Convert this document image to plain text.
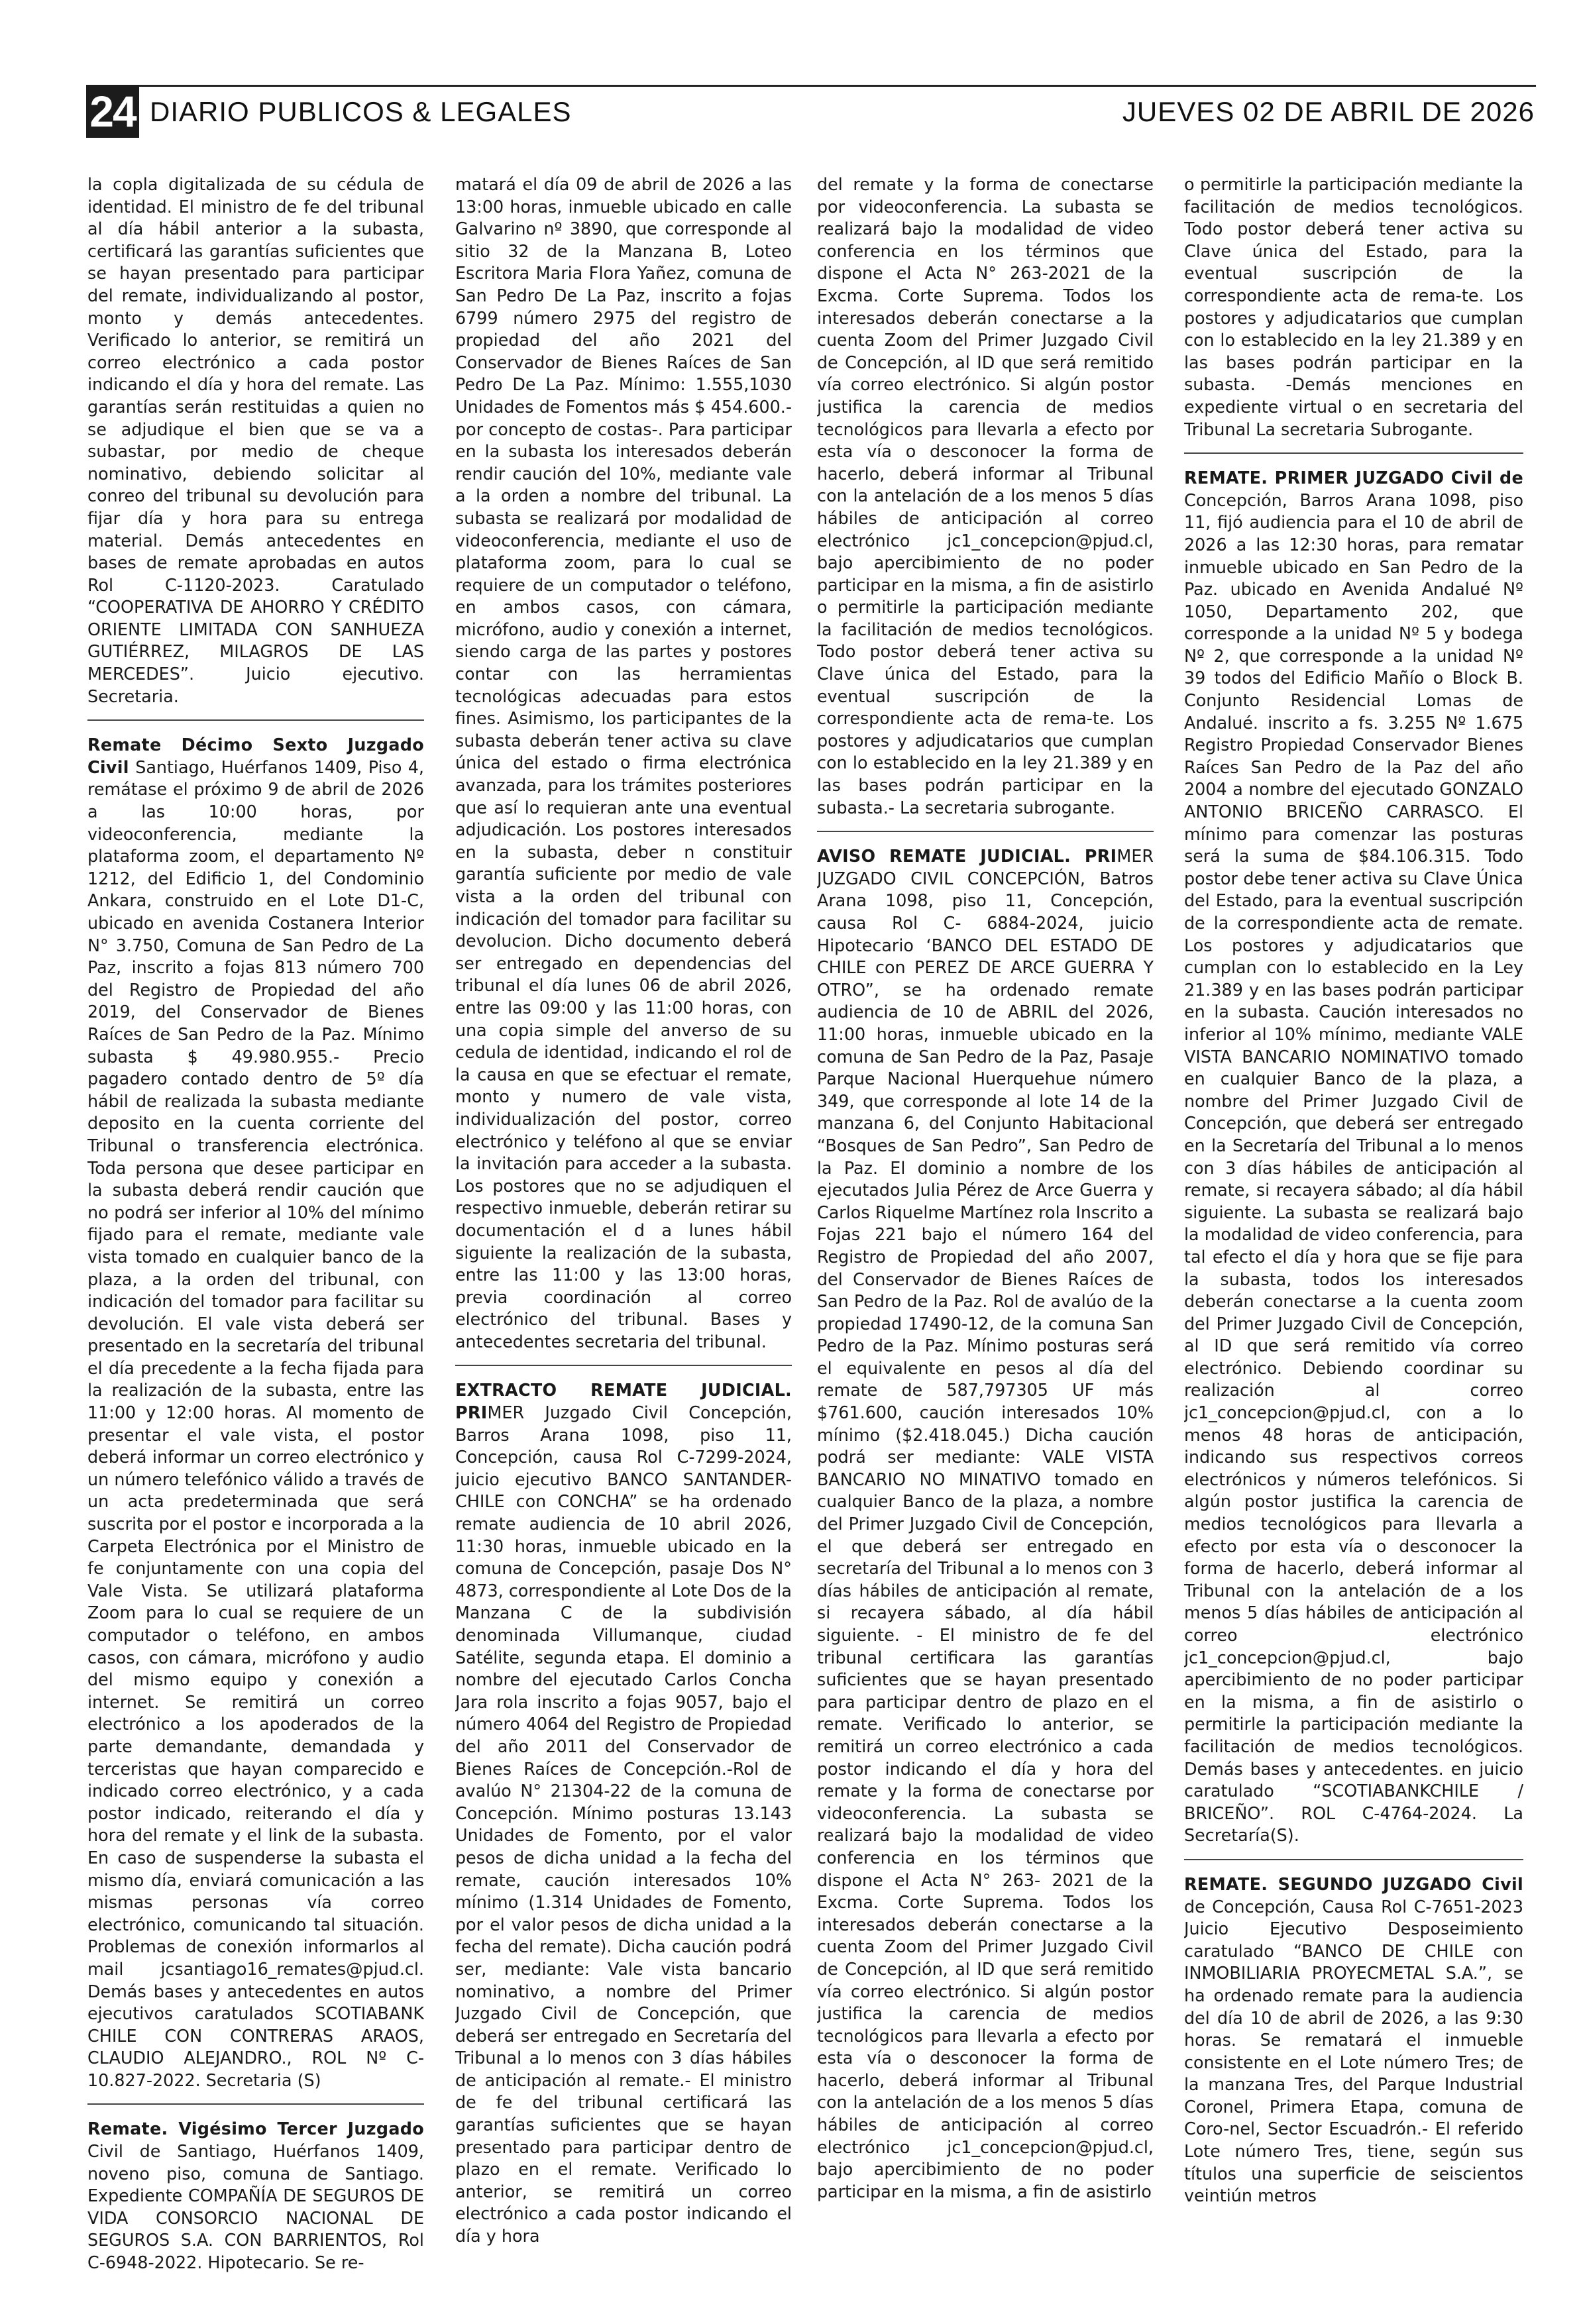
24 DIARIO PUBLICOS & LEGALES	JUEVES 02 DE ABRIL DE 2026

la copla digitalizada de su cédula de identidad. El ministro de fe del tribunal al día hábil anterior a la subasta, certificará las garantías suficientes que se hayan presentado para participar del remate, individualizando al postor, monto y demás antecedentes. Verificado lo anterior, se remitirá un correo electrónico a cada postor indicando el día y hora del remate. Las garantías serán restituidas a quien no se adjudique el bien que se va a subastar, por medio de cheque nominativo, debiendo solicitar al conreo del tribunal su devolución para fijar día y hora para su entrega material. Demás antecedentes en bases de remate aprobadas en autos Rol C-1120-2023. Caratulado “COOPERATIVA DE AHORRO Y CRÉDITO ORIENTE LIMITADA CON SANHUEZA GUTIÉRREZ, MILAGROS DE LAS MERCEDES”. Juicio ejecutivo. Secretaria.

Remate Décimo Sexto Juzgado Civil Santiago, Huérfanos 1409, Piso 4, remátase el próximo 9 de abril de 2026 a las 10:00 horas, por videoconferencia, mediante la plataforma zoom, el departamento Nº 1212, del Edificio 1, del Condominio Ankara, construido en el Lote D1-C, ubicado en avenida Costanera Interior N° 3.750, Comuna de San Pedro de La Paz, inscrito a fojas 813 número 700 del Registro de Propiedad del año 2019, del Conservador de Bienes Raíces de San Pedro de la Paz. Mínimo subasta $ 49.980.955.- Precio pagadero contado dentro de 5º día hábil de realizada la subasta mediante deposito en la cuenta corriente del Tribunal o transferencia electrónica. Toda persona que desee participar en la subasta deberá rendir caución que no podrá ser inferior al 10% del mínimo fijado para el remate, mediante vale vista tomado en cualquier banco de la plaza, a la orden del tribunal, con indicación del tomador para facilitar su devolución. El vale vista deberá ser presentado en la secretaría del tribunal el día precedente a la fecha fijada para la realización de la subasta, entre las 11:00 y 12:00 horas. Al momento de presentar el vale vista, el postor deberá informar un correo electrónico y un número telefónico válido a través de un acta predeterminada que será suscrita por el postor e incorporada a la Carpeta Electrónica por el Ministro de fe conjuntamente con una copia del Vale Vista. Se utilizará plataforma Zoom para lo cual se requiere de un computador o teléfono, en ambos casos, con cámara, micrófono y audio del mismo equipo y conexión a internet. Se remitirá un correo electrónico a los apoderados de la parte demandante, demandada y terceristas que hayan comparecido e indicado correo electrónico, y a cada postor indicado, reiterando el día y hora del remate y el link de la subasta. En caso de suspenderse la subasta el mismo día, enviará comunicación a las mismas personas vía correo electrónico, comunicando tal situación. Problemas de conexión informarlos al mail jcsantiago16_remates@pjud.cl. Demás bases y antecedentes en autos ejecutivos caratulados SCOTIABANK CHILE CON CONTRERAS ARAOS, CLAUDIO ALEJANDRO., ROL Nº C-10.827-2022. Secretaria (S)

Remate. Vigésimo Tercer Juzgado Civil de Santiago, Huérfanos 1409, noveno piso, comuna de Santiago. Expediente COMPAÑÍA DE SEGUROS DE VIDA CONSORCIO NACIONAL DE SEGUROS S.A. CON BARRIENTOS, Rol C-6948-2022. Hipotecario. Se re-

matará el día 09 de abril de 2026 a las 13:00 horas, inmueble ubicado en calle Galvarino nº 3890, que corresponde al sitio 32 de la Manzana B, Loteo Escritora Maria Flora Yañez, comuna de San Pedro De La Paz, inscrito a fojas 6799 número 2975 del registro de propiedad del año 2021 del Conservador de Bienes Raíces de San Pedro De La Paz. Mínimo: 1.555,1030 Unidades de Fomentos más $ 454.600.- por concepto de costas-. Para participar en la subasta los interesados deberán rendir caución del 10%, mediante vale a la orden a nombre del tribunal. La subasta se realizará por modalidad de videoconferencia, mediante el uso de plataforma zoom, para lo cual se requiere de un computador o teléfono, en ambos casos, con cámara, micrófono, audio y conexión a internet, siendo carga de las partes y postores contar con las herramientas tecnológicas adecuadas para estos fines. Asimismo, los participantes de la subasta deberán tener activa su clave única del estado o firma electrónica avanzada, para los trámites posteriores que así lo requieran ante una eventual adjudicación. Los postores interesados en la subasta, deber n constituir garantía suficiente por medio de vale vista a la orden del tribunal con indicación del tomador para facilitar su devolucion. Dicho documento deberá ser entregado en dependencias del tribunal el día lunes 06 de abril 2026, entre las 09:00 y las 11:00 horas, con una copia simple del anverso de su cedula de identidad, indicando el rol de la causa en que se efectuar el remate, monto y numero de vale vista, individualización del postor, correo electrónico y teléfono al que se enviar la invitación para acceder a la subasta. Los postores que no se adjudiquen el respectivo inmueble, deberán retirar su documentación el d a lunes hábil siguiente la realización de la subasta, entre las 11:00 y las 13:00 horas, previa coordinación al correo electrónico del tribunal. Bases y antecedentes secretaria del tribunal.

EXTRACTO REMATE JUDICIAL. PRIMER Juzgado Civil Concepción, Barros Arana 1098, piso 11, Concepción, causa Rol C-7299-2024, juicio ejecutivo BANCO SANTANDER-CHILE con CONCHA” se ha ordenado remate audiencia de 10 abril 2026, 11:30 horas, inmueble ubicado en la comuna de Concepción, pasaje Dos N° 4873, correspondiente al Lote Dos de la Manzana C de la subdivisión denominada Villumanque, ciudad Satélite, segunda etapa. El dominio a nombre del ejecutado Carlos Concha Jara rola inscrito a fojas 9057, bajo el número 4064 del Registro de Propiedad del año 2011 del Conservador de Bienes Raíces de Concepción.-Rol de avalúo N° 21304-22 de la comuna de Concepción. Mínimo posturas 13.143 Unidades de Fomento, por el valor pesos de dicha unidad a la fecha del remate, caución interesados 10% mínimo (1.314 Unidades de Fomento, por el valor pesos de dicha unidad a la fecha del remate). Dicha caución podrá ser, mediante: Vale vista bancario nominativo, a nombre del Primer Juzgado Civil de Concepción, que deberá ser entregado en Secretaría del Tribunal a lo menos con 3 días hábiles de anticipación al remate.- El ministro de fe del tribunal certificará las garantías suficientes que se hayan presentado para participar dentro de plazo en el remate. Verificado lo anterior, se remitirá un correo electrónico a cada postor indicando el día y hora

del remate y la forma de conectarse por videoconferencia. La subasta se realizará bajo la modalidad de video conferencia en los términos que dispone el Acta N° 263-2021 de la Excma. Corte Suprema. Todos los interesados deberán conectarse a la cuenta Zoom del Primer Juzgado Civil de Concepción, al ID que será remitido vía correo electrónico. Si algún postor justifica la carencia de medios tecnológicos para llevarla a efecto por esta vía o desconocer la forma de hacerlo, deberá informar al Tribunal con la antelación de a los menos 5 días hábiles de anticipación al correo electrónico jc1_concepcion@pjud.cl, bajo apercibimiento de no poder participar en la misma, a fin de asistirlo o permitirle la participación mediante la facilitación de medios tecnológicos. Todo postor deberá tener activa su Clave única del Estado, para la eventual suscripción de la correspondiente acta de rema-te. Los postores y adjudicatarios que cumplan con lo establecido en la ley 21.389 y en las bases podrán participar en la subasta.- La secretaria subrogante.

AVISO REMATE JUDICIAL. PRIMER JUZGADO CIVIL CONCEPCIÓN, Batros Arana 1098, piso 11, Concepción, causa Rol C- 6884-2024, juicio Hipotecario ‘BANCO DEL ESTADO DE CHILE con PEREZ DE ARCE GUERRA Y OTRO”, se ha ordenado remate audiencia de 10 de ABRIL del 2026, 11:00 horas, inmueble ubicado en la comuna de San Pedro de la Paz, Pasaje Parque Nacional Huerquehue número 349, que corresponde al lote 14 de la manzana 6, del Conjunto Habitacional “Bosques de San Pedro”, San Pedro de la Paz. El dominio a nombre de los ejecutados Julia Pérez de Arce Guerra y Carlos Riquelme Martínez rola Inscrito a Fojas 221 bajo el número 164 del Registro de Propiedad del año 2007, del Conservador de Bienes Raíces de San Pedro de la Paz. Rol de avalúo de la propiedad 17490-12, de la comuna San Pedro de la Paz. Mínimo posturas será el equivalente en pesos al día del remate de 587,797305 UF más $761.600, caución interesados 10% mínimo ($2.418.045.) Dicha caución podrá ser mediante: VALE VISTA BANCARIO NO MINATIVO tomado en cualquier Banco de la plaza, a nombre del Primer Juzgado Civil de Concepción, el que deberá ser entregado en secretaría del Tribunal a lo menos con 3 días hábiles de anticipación al remate, si recayera sábado, al día hábil siguiente. - El ministro de fe del tribunal certificara las garantías suficientes que se hayan presentado para participar dentro de plazo en el remate. Verificado lo anterior, se remitirá un correo electrónico a cada postor indicando el día y hora del remate y la forma de conectarse por videoconferencia. La subasta se realizará bajo la modalidad de video conferencia en los términos que dispone el Acta N° 263- 2021 de la Excma. Corte Suprema. Todos los interesados deberán conectarse a la cuenta Zoom del Primer Juzgado Civil de Concepción, al ID que será remitido vía correo electrónico. Si algún postor justifica la carencia de medios tecnológicos para llevarla a efecto por esta vía o desconocer la forma de hacerlo, deberá informar al Tribunal con la antelación de a los menos 5 días hábiles de anticipación al correo electrónico jc1_concepcion@pjud.cl, bajo apercibimiento de no poder participar en la misma, a fin de asistirlo

o permitirle la participación mediante la facilitación de medios tecnológicos. Todo postor deberá tener activa su Clave única del Estado, para la eventual suscripción de la correspondiente acta de rema-te. Los postores y adjudicatarios que cumplan con lo establecido en la ley 21.389 y en las bases podrán participar en la subasta. -Demás menciones en expediente virtual o en secretaria del Tribunal La secretaria Subrogante.

REMATE. PRIMER JUZGADO Civil de Concepción, Barros Arana 1098, piso 11, fijó audiencia para el 10 de abril de 2026 a las 12:30 horas, para rematar inmueble ubicado en San Pedro de la Paz. ubicado en Avenida Andalué Nº 1050, Departamento 202, que corresponde a la unidad Nº 5 y bodega Nº 2, que corresponde a la unidad Nº 39 todos del Edificio Mañío o Block B. Conjunto Residencial Lomas de Andalué. inscrito a fs. 3.255 Nº 1.675 Registro Propiedad Conservador Bienes Raíces San Pedro de la Paz del año 2004 a nombre del ejecutado GONZALO ANTONIO BRICEÑO CARRASCO. El mínimo para comenzar las posturas será la suma de $84.106.315. Todo postor debe tener activa su Clave Única del Estado, para la eventual suscripción de la correspondiente acta de remate. Los postores y adjudicatarios que cumplan con lo establecido en la Ley 21.389 y en las bases podrán participar en la subasta. Caución interesados no inferior al 10% mínimo, mediante VALE VISTA BANCARIO NOMINATIVO tomado en cualquier Banco de la plaza, a nombre del Primer Juzgado Civil de Concepción, que deberá ser entregado en la Secretaría del Tribunal a lo menos con 3 días hábiles de anticipación al remate, si recayera sábado; al día hábil siguiente. La subasta se realizará bajo la modalidad de video conferencia, para tal efecto el día y hora que se fije para la subasta, todos los interesados deberán conectarse a la cuenta zoom del Primer Juzgado Civil de Concepción, al ID que será remitido vía correo electrónico. Debiendo coordinar su realización al correo jc1_concepcion@pjud.cl, con a lo menos 48 horas de anticipación, indicando sus respectivos correos electrónicos y números telefónicos. Si algún postor justifica la carencia de medios tecnológicos para llevarla a efecto por esta vía o desconocer la forma de hacerlo, deberá informar al Tribunal con la antelación de a los menos 5 días hábiles de anticipación al correo electrónico jc1_concepcion@pjud.cl, bajo apercibimiento de no poder participar en la misma, a fin de asistirlo o permitirle la participación mediante la facilitación de medios tecnológicos. Demás bases y antecedentes. en juicio caratulado “SCOTIABANKCHILE / BRICEÑO”. ROL C-4764-2024. La Secretaría(S).

REMATE. SEGUNDO JUZGADO Civil de Concepción, Causa Rol C-7651-2023 Juicio Ejecutivo Desposeimiento caratulado “BANCO DE CHILE con INMOBILIARIA PROYECMETAL S.A.”, se ha ordenado remate para la audiencia del día 10 de abril de 2026, a las 9:30 horas. Se rematará el inmueble consistente en el Lote número Tres; de la manzana Tres, del Parque Industrial Coronel, Primera Etapa, comuna de Coro-nel, Sector Escuadrón.- El referido Lote número Tres, tiene, según sus títulos una superficie de seiscientos veintiún metros
